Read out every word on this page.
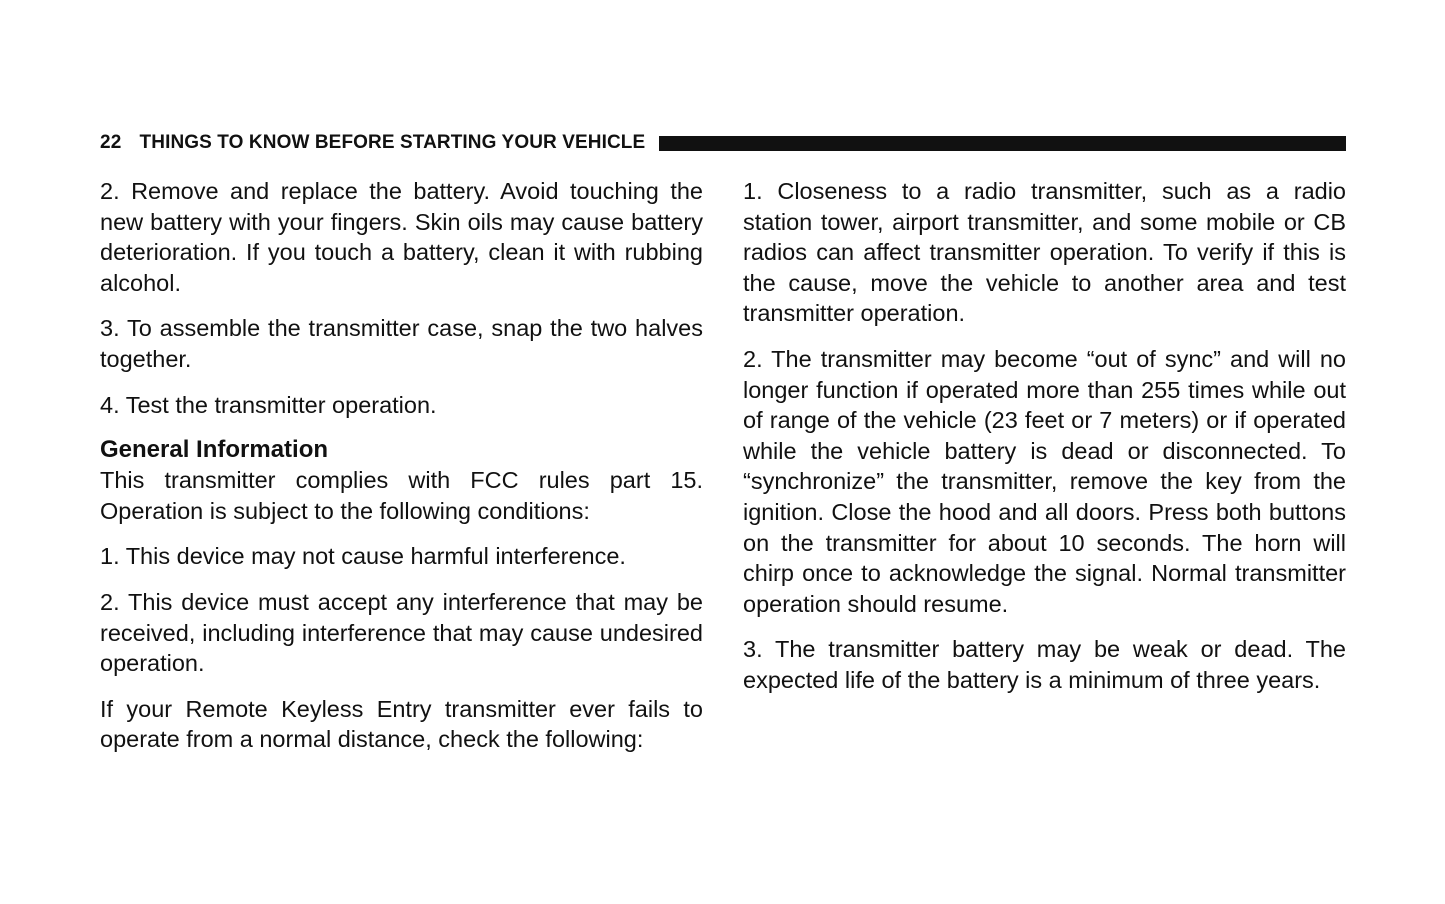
22 THINGS TO KNOW BEFORE STARTING YOUR VEHICLE

2. Remove and replace the battery. Avoid touching the new battery with your fingers. Skin oils may cause battery deterioration. If you touch a battery, clean it with rubbing alcohol.

3. To assemble the transmitter case, snap the two halves together.

4. Test the transmitter operation.

General Information

This transmitter complies with FCC rules part 15. Operation is subject to the following conditions:

1. This device may not cause harmful interference.

2. This device must accept any interference that may be received, including interference that may cause undesired operation.

If your Remote Keyless Entry transmitter ever fails to operate from a normal distance, check the following:

1. Closeness to a radio transmitter, such as a radio station tower, airport transmitter, and some mobile or CB radios can affect transmitter operation. To verify if this is the cause, move the vehicle to another area and test transmitter operation.

2. The transmitter may become “out of sync” and will no longer function if operated more than 255 times while out of range of the vehicle (23 feet or 7 meters) or if operated while the vehicle battery is dead or disconnected. To “synchronize” the transmitter, remove the key from the ignition. Close the hood and all doors. Press both buttons on the transmitter for about 10 seconds. The horn will chirp once to acknowledge the signal. Normal transmitter operation should resume.

3. The transmitter battery may be weak or dead. The expected life of the battery is a minimum of three years.
